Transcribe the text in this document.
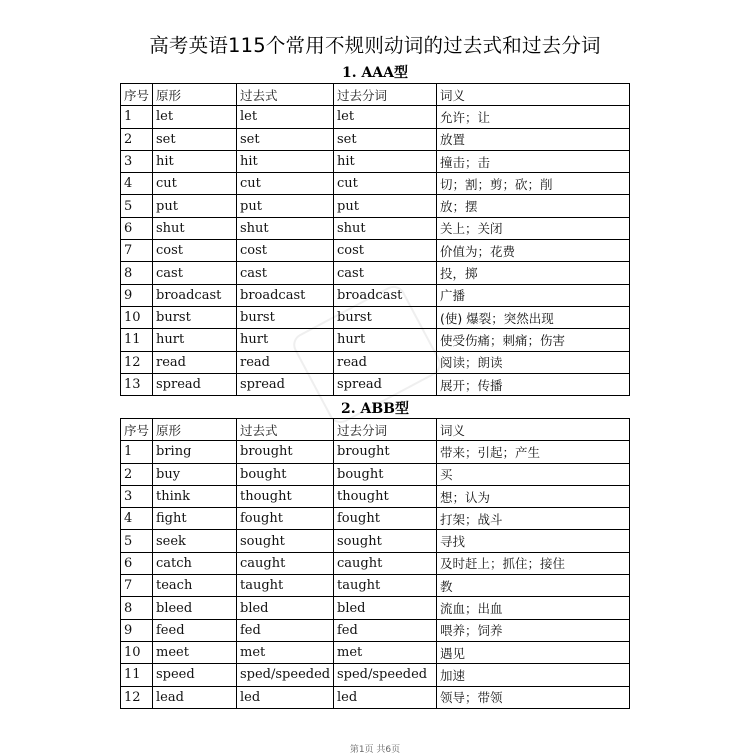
高考英语115个常用不规则动词的过去式和过去分词
1. AAA型
序号	原形	过去式	过去分词	词义
1	let	let	let	允许；让
2	set	set	set	放置
3	hit	hit	hit	撞击；击
4	cut	cut	cut	切；割；剪；砍；削
5	put	put	put	放；摆
6	shut	shut	shut	关上；关闭
7	cost	cost	cost	价值为；花费
8	cast	cast	cast	投，掷
9	broadcast	broadcast	broadcast	广播
10	burst	burst	burst	(使) 爆裂；突然出现
11	hurt	hurt	hurt	使受伤痛；刺痛；伤害
12	read	read	read	阅读；朗读
13	spread	spread	spread	展开；传播
2. ABB型
序号	原形	过去式	过去分词	词义
1	bring	brought	brought	带来；引起；产生
2	buy	bought	bought	买
3	think	thought	thought	想；认为
4	fight	fought	fought	打架；战斗
5	seek	sought	sought	寻找
6	catch	caught	caught	及时赶上；抓住；接住
7	teach	taught	taught	教
8	bleed	bled	bled	流血；出血
9	feed	fed	fed	喂养；饲养
10	meet	met	met	遇见
11	speed	sped/speeded	sped/speeded	加速
12	lead	led	led	领导；带领
第1页 共6页
